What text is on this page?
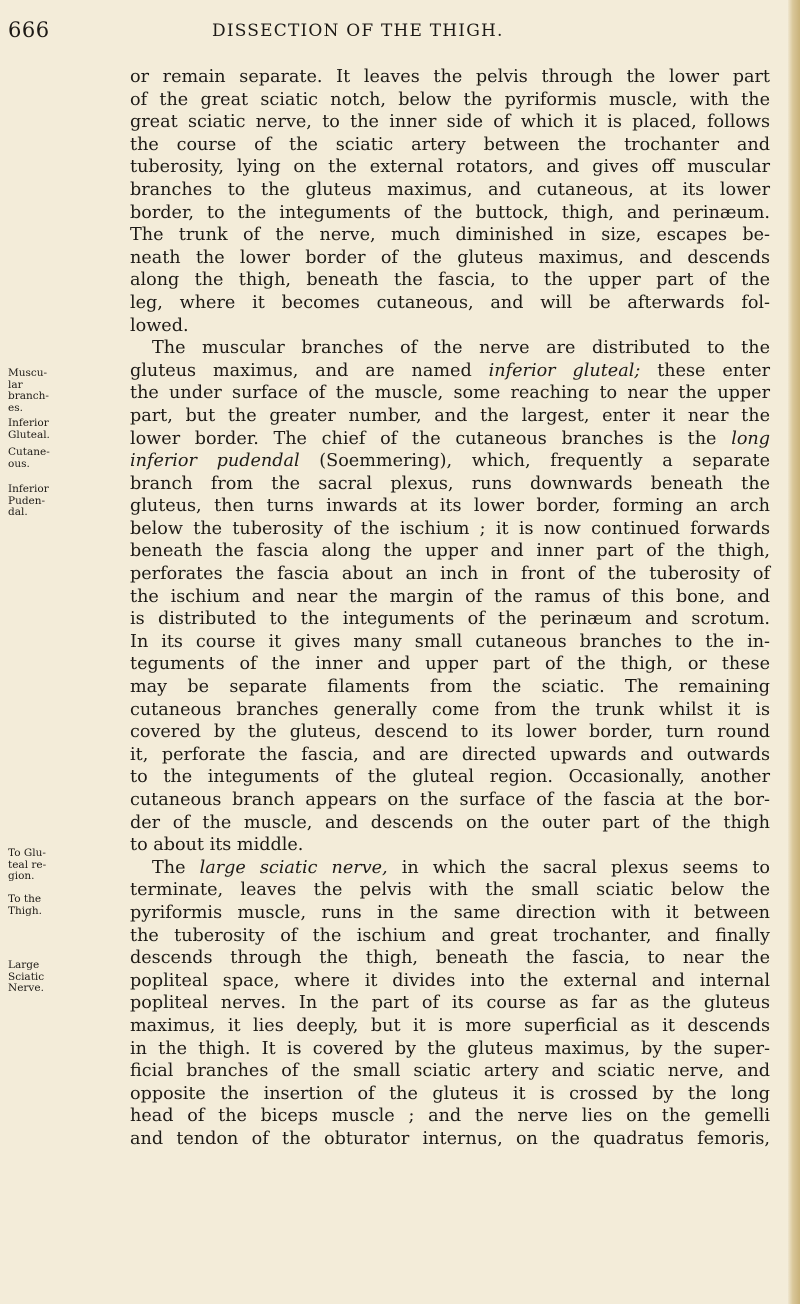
666	DISSECTION OF THE THIGH.
Muscu-
lar
branch-
es.
Inferior
Gluteal.
Cutane-
ous.
Inferior
Puden-
dal.
To Glu-
teal re-
gion.
To the
Thigh.
Large
Sciatic
Nerve.
or remain separate. It leaves the pelvis through the lower part
of the great sciatic notch, below the pyriformis muscle, with the
great sciatic nerve, to the inner side of which it is placed, follows
the course of the sciatic artery between the trochanter and
tuberosity, lying on the external rotators, and gives off muscular
branches to the gluteus maximus, and cutaneous, at its lower
border, to the integuments of the buttock, thigh, and perinæum.
The trunk of the nerve, much diminished in size, escapes be-
neath the lower border of the gluteus maximus, and descends
along the thigh, beneath the fascia, to the upper part of the
leg, where it becomes cutaneous, and will be afterwards fol-
lowed.
The muscular branches of the nerve are distributed to the
gluteus maximus, and are named inferior gluteal; these enter
the under surface of the muscle, some reaching to near the upper
part, but the greater number, and the largest, enter it near the
lower border. The chief of the cutaneous branches is the long
inferior pudendal (Soemmering), which, frequently a separate
branch from the sacral plexus, runs downwards beneath the
gluteus, then turns inwards at its lower border, forming an arch
below the tuberosity of the ischium ; it is now continued forwards
beneath the fascia along the upper and inner part of the thigh,
perforates the fascia about an inch in front of the tuberosity of
the ischium and near the margin of the ramus of this bone, and
is distributed to the integuments of the perinæum and scrotum.
In its course it gives many small cutaneous branches to the in-
teguments of the inner and upper part of the thigh, or these
may be separate filaments from the sciatic. The remaining
cutaneous branches generally come from the trunk whilst it is
covered by the gluteus, descend to its lower border, turn round
it, perforate the fascia, and are directed upwards and outwards
to the integuments of the gluteal region. Occasionally, another
cutaneous branch appears on the surface of the fascia at the bor-
der of the muscle, and descends on the outer part of the thigh
to about its middle.
The large sciatic nerve, in which the sacral plexus seems to
terminate, leaves the pelvis with the small sciatic below the
pyriformis muscle, runs in the same direction with it between
the tuberosity of the ischium and great trochanter, and finally
descends through the thigh, beneath the fascia, to near the
popliteal space, where it divides into the external and internal
popliteal nerves. In the part of its course as far as the gluteus
maximus, it lies deeply, but it is more superficial as it descends
in the thigh. It is covered by the gluteus maximus, by the super-
ficial branches of the small sciatic artery and sciatic nerve, and
opposite the insertion of the gluteus it is crossed by the long
head of the biceps muscle ; and the nerve lies on the gemelli
and tendon of the obturator internus, on the quadratus femoris,
